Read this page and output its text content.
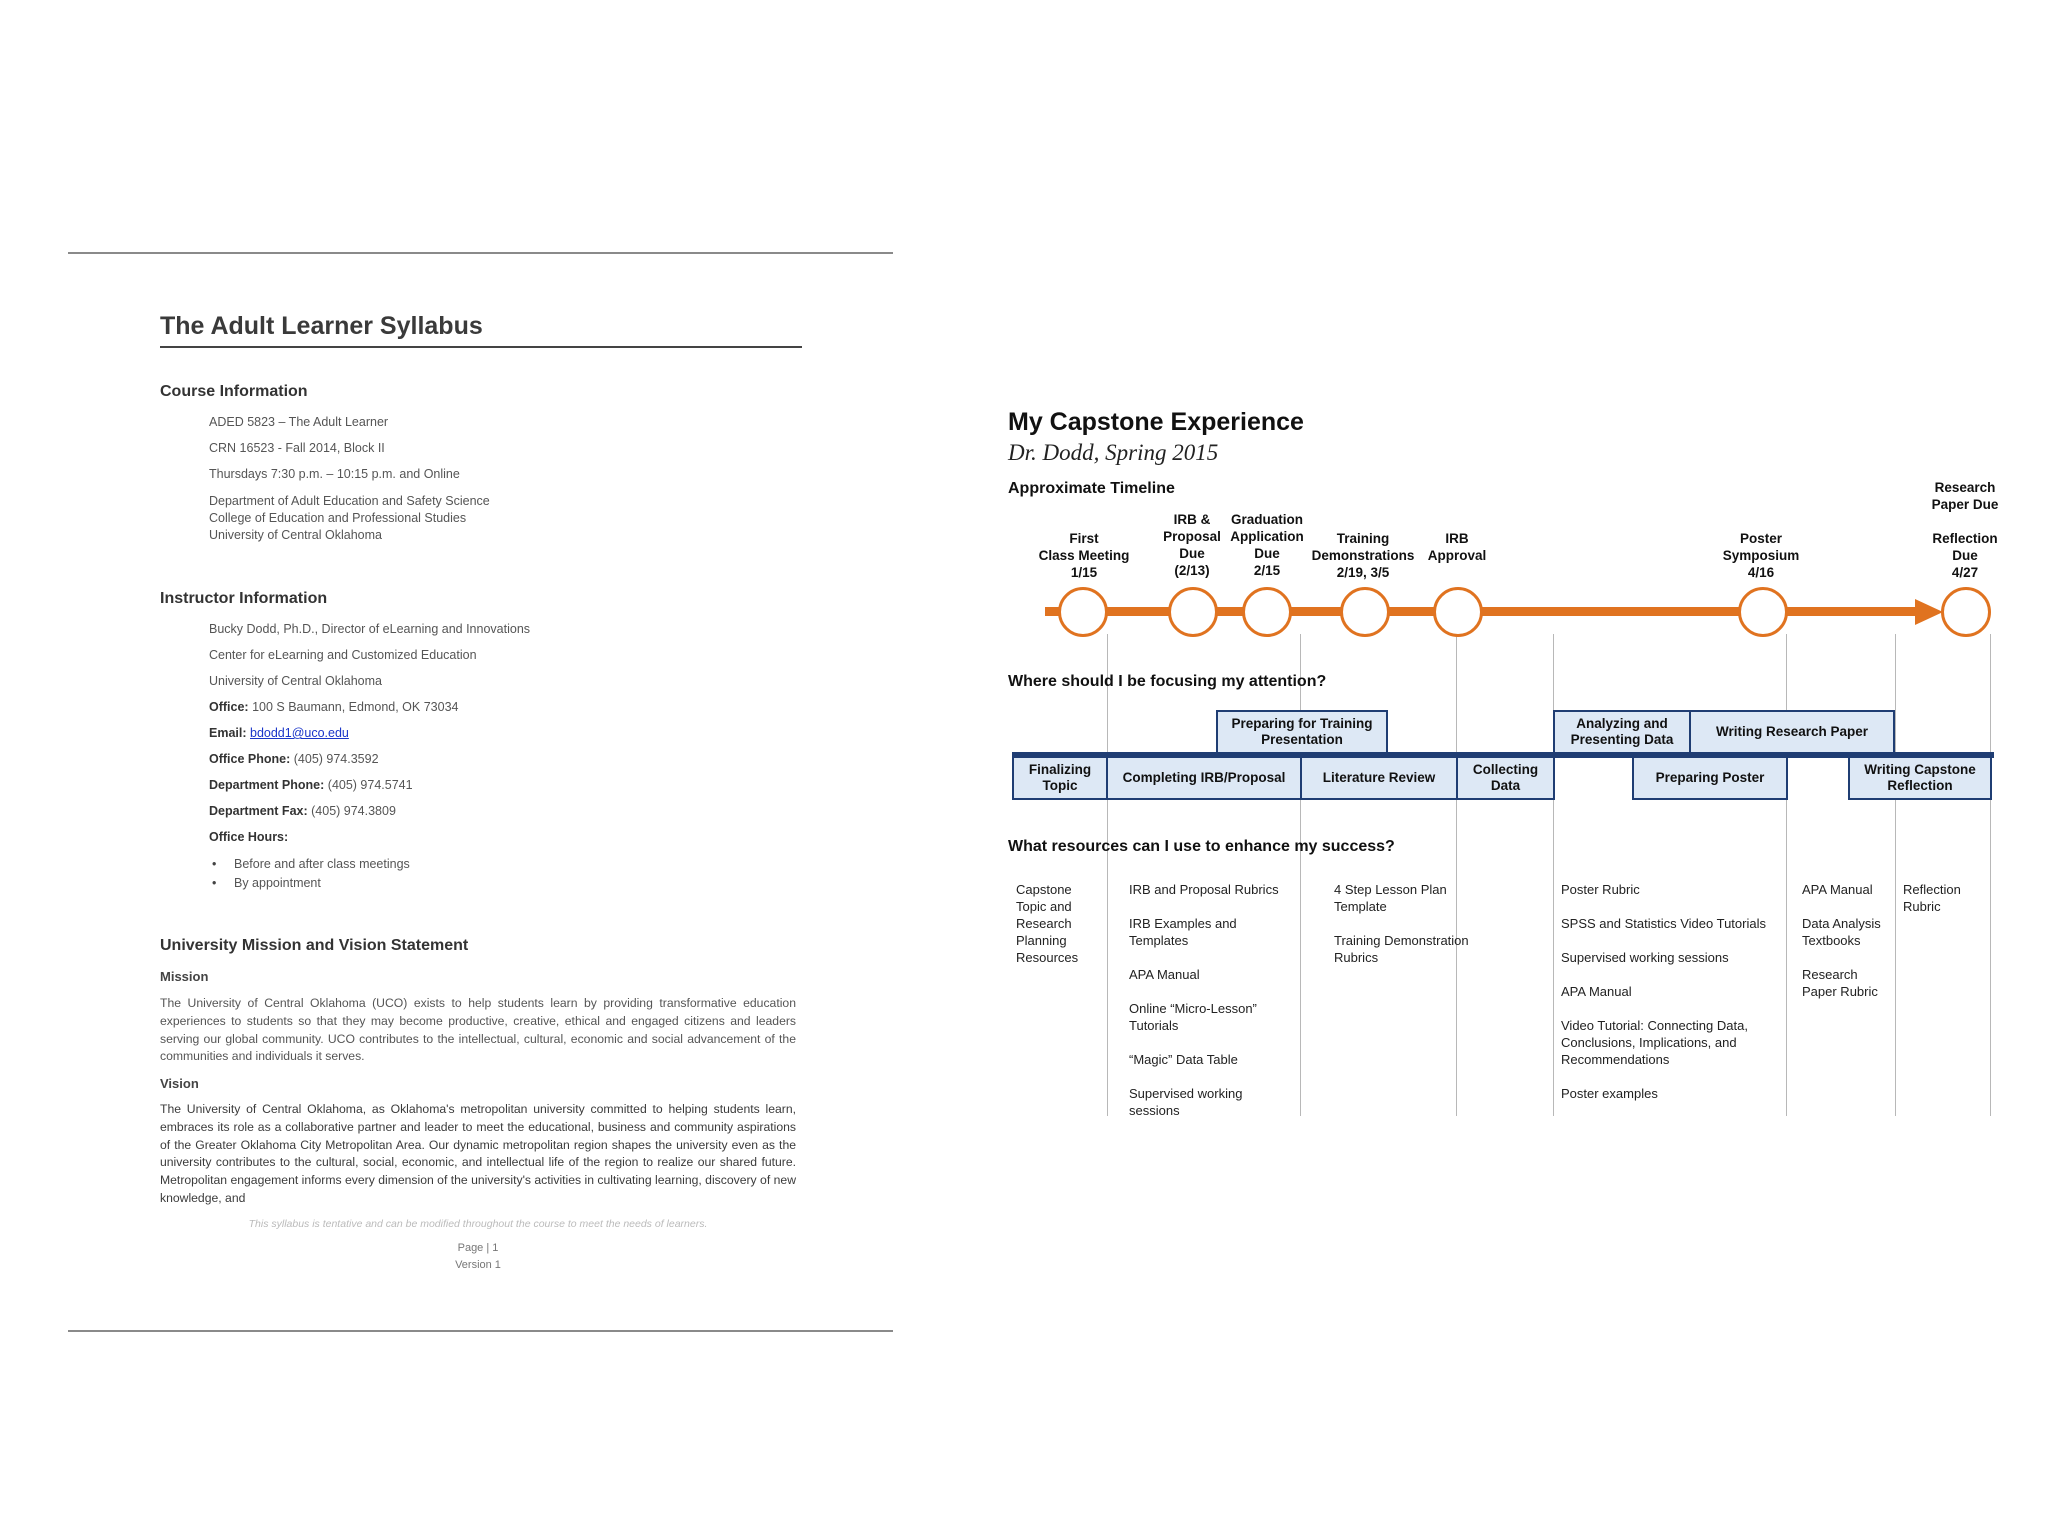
The Adult Learner Syllabus
Course Information
ADED 5823 – The Adult Learner
CRN 16523 - Fall 2014, Block II
Thursdays 7:30 p.m. – 10:15 p.m. and Online
Department of Adult Education and Safety Science
College of Education and Professional Studies
University of Central Oklahoma
Instructor Information
Bucky Dodd, Ph.D., Director of eLearning and Innovations
Center for eLearning and Customized Education
University of Central Oklahoma
Office: 100 S Baumann, Edmond, OK 73034
Email: bdodd1@uco.edu
Office Phone: (405) 974.3592
Department Phone: (405) 974.5741
Department Fax: (405) 974.3809
Office Hours:
• Before and after class meetings
• By appointment
University Mission and Vision Statement
Mission
The University of Central Oklahoma (UCO) exists to help students learn by providing transformative education experiences to students so that they may become productive, creative, ethical and engaged citizens and leaders serving our global community. UCO contributes to the intellectual, cultural, economic and social advancement of the communities and individuals it serves.
Vision
The University of Central Oklahoma, as Oklahoma's metropolitan university committed to helping students learn, embraces its role as a collaborative partner and leader to meet the educational, business and community aspirations of the Greater Oklahoma City Metropolitan Area. Our dynamic metropolitan region shapes the university even as the university contributes to the cultural, social, economic, and intellectual life of the region to realize our shared future. Metropolitan engagement informs every dimension of the university's activities in cultivating learning, discovery of new knowledge, and
This syllabus is tentative and can be modified throughout the course to meet the needs of learners.
Page | 1
Version 1
My Capstone Experience
Dr. Dodd, Spring 2015
Approximate Timeline
First
Class Meeting
1/15
IRB &
Proposal
Due
(2/13)
Graduation
Application
Due
2/15
Training
Demonstrations
2/19, 3/5
IRB
Approval
Poster
Symposium
4/16
Research
Paper Due

Reflection
Due
4/27
Where should I be focusing my attention?
Preparing for Training Presentation
Analyzing and Presenting Data
Writing Research Paper
Finalizing Topic
Completing IRB/Proposal	Literature Review
Collecting Data
Preparing Poster
Writing Capstone Reflection
What resources can I use to enhance my success?
Capstone Topic and Research Planning Resources
IRB and Proposal Rubrics
IRB Examples and Templates
APA Manual
Online “Micro-Lesson” Tutorials
“Magic” Data Table
Supervised working sessions
4 Step Lesson Plan Template
Training Demonstration Rubrics
Poster Rubric
SPSS and Statistics Video Tutorials
Supervised working sessions
APA Manual
Video Tutorial: Connecting Data, Conclusions, Implications, and Recommendations
Poster examples
APA Manual
Data Analysis Textbooks
Research Paper Rubric
Reflection Rubric
